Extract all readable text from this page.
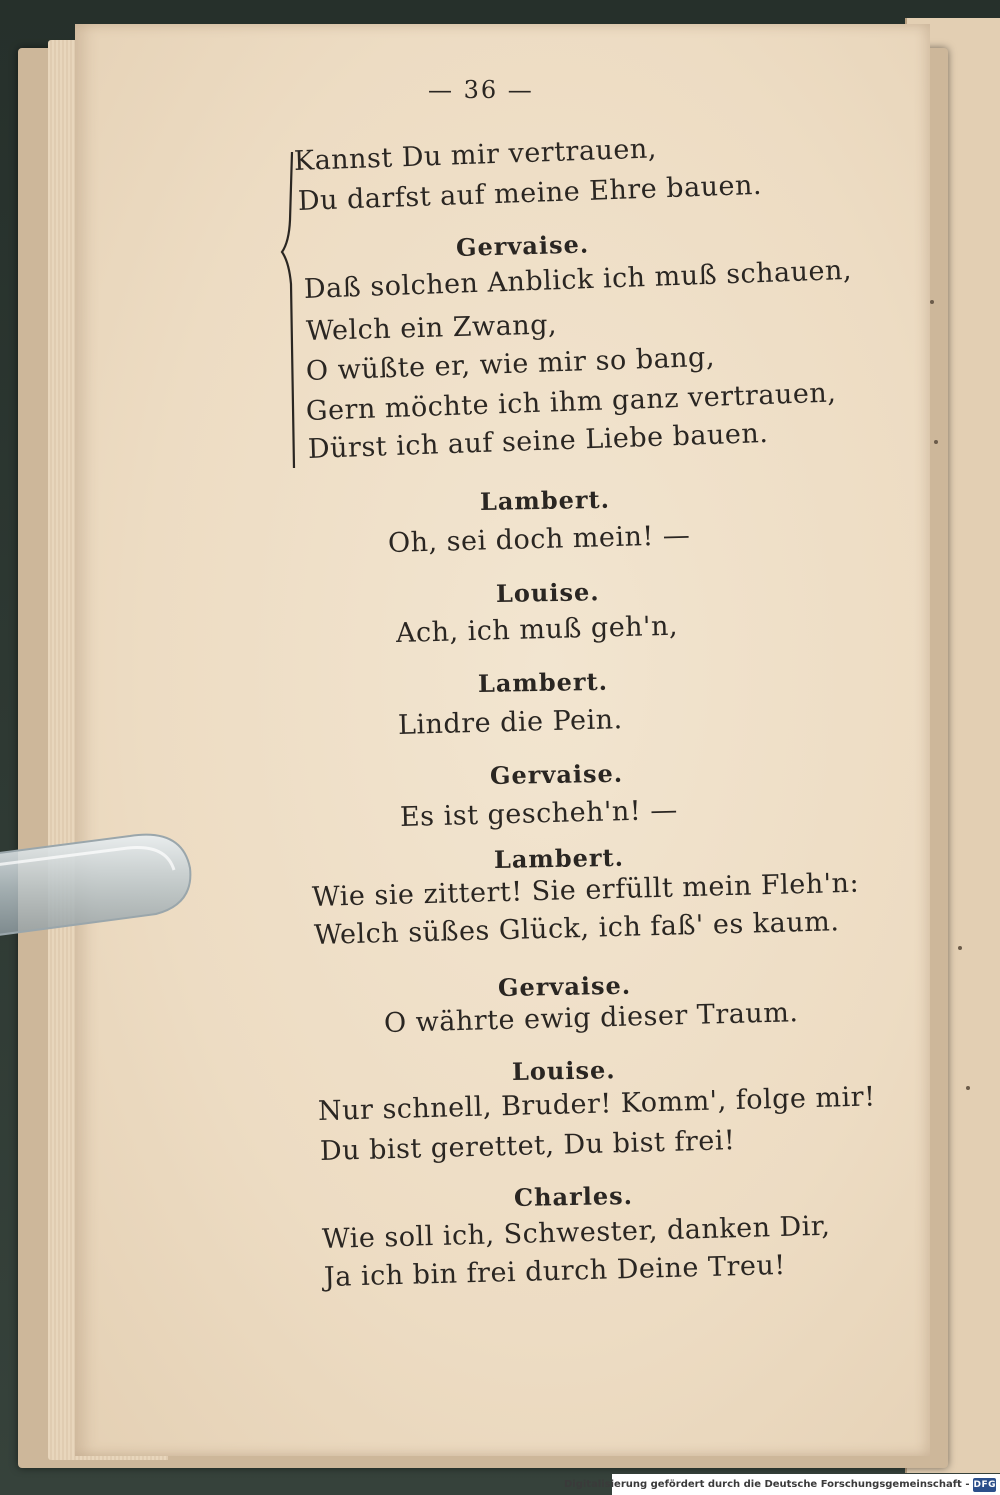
— 36 —
Kannst Du mir vertrauen,
Du darfst auf meine Ehre bauen.
Gervaise.
Daß solchen Anblick ich muß schauen,
Welch ein Zwang,
O wüßte er, wie mir so bang,
Gern möchte ich ihm ganz vertrauen,
Dürst ich auf seine Liebe bauen.
Lambert.
Oh, sei doch mein! —
Louise.
Ach, ich muß geh'n,
Lambert.
Lindre die Pein.
Gervaise.
Es ist gescheh'n! —
Lambert.
Wie sie zittert! Sie erfüllt mein Fleh'n:
Welch süßes Glück, ich faß' es kaum.
Gervaise.
O währte ewig dieser Traum.
Louise.
Nur schnell, Bruder! Komm', folge mir!
Du bist gerettet, Du bist frei!
Charles.
Wie soll ich, Schwester, danken Dir,
Ja ich bin frei durch Deine Treu!
Digitalisierung gefördert durch die Deutsche Forschungsgemeinschaft - DFG
